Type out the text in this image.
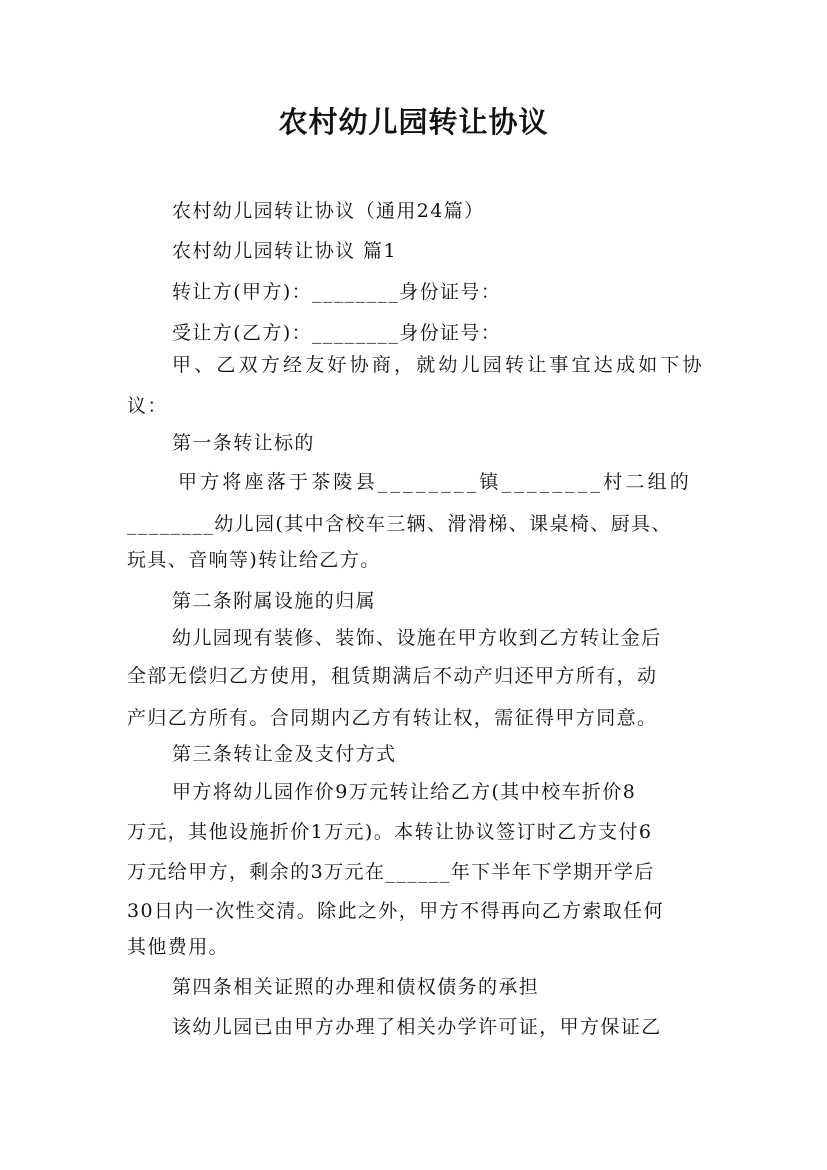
农村幼儿园转让协议
农村幼儿园转让协议（通用24篇）
农村幼儿园转让协议 篇1
转让方(甲方)：________身份证号：
受让方(乙方)：________身份证号：
甲、乙双方经友好协商，就幼儿园转让事宜达成如下协
议：
第一条转让标的
甲方将座落于茶陵县________镇________村二组的
________幼儿园(其中含校车三辆、滑滑梯、课桌椅、厨具、
玩具、音响等)转让给乙方。
第二条附属设施的归属
幼儿园现有装修、装饰、设施在甲方收到乙方转让金后
全部无偿归乙方使用，租赁期满后不动产归还甲方所有，动
产归乙方所有。合同期内乙方有转让权，需征得甲方同意。
第三条转让金及支付方式
甲方将幼儿园作价9万元转让给乙方(其中校车折价8
万元，其他设施折价1万元)。本转让协议签订时乙方支付6
万元给甲方，剩余的3万元在______年下半年下学期开学后
30日内一次性交清。除此之外，甲方不得再向乙方索取任何
其他费用。
第四条相关证照的办理和债权债务的承担
该幼儿园已由甲方办理了相关办学许可证，甲方保证乙
